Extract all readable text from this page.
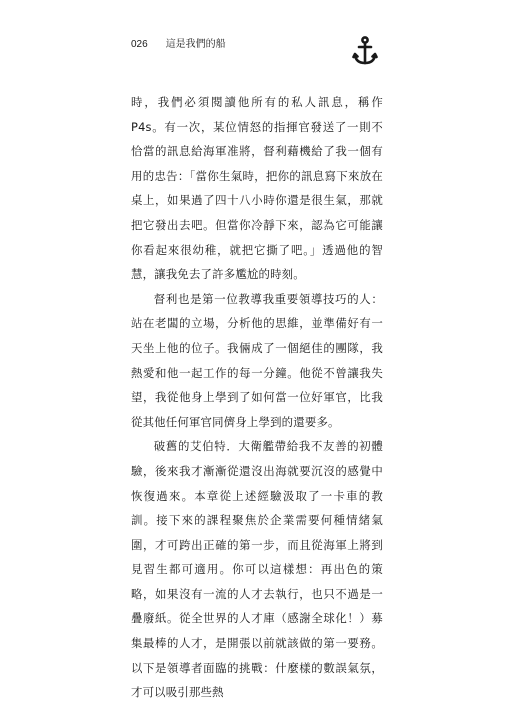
026 這是我們的船

時，我們必須閱讀他所有的私人訊息，稱作P4s。有一次，某位情怒的指揮官發送了一則不恰當的訊息給海軍准將，督利藉機給了我一個有用的忠告：「當你生氣時，把你的訊息寫下來放在桌上，如果過了四十八小時你還是很生氣，那就把它發出去吧。但當你冷靜下來，認為它可能讓你看起來很幼稚，就把它撕了吧。」透過他的智慧，讓我免去了許多尷尬的時刻。

督利也是第一位教導我重要領導技巧的人：站在老闆的立場，分析他的思維，並準備好有一天坐上他的位子。我倆成了一個絕佳的團隊，我熱愛和他一起工作的每一分鐘。他從不曾讓我失望，我從他身上學到了如何當一位好軍官，比我從其他任何軍官同儕身上學到的還要多。

破舊的艾伯特．大衛艦帶給我不友善的初體驗，後來我才漸漸從還沒出海就要沉沒的感覺中恢復過來。本章從上述經驗汲取了一卡車的教訓。接下來的課程聚焦於企業需要何種情緒氣圍，才可跨出正確的第一步，而且從海軍上將到見習生都可適用。你可以這樣想：再出色的策略，如果沒有一流的人才去執行，也只不過是一疊廢紙。從全世界的人才庫（感謝全球化！）募集最棒的人才，是開張以前就該做的第一要務。以下是領導者面臨的挑戰：什麼樣的數誤氣氛，才可以吸引那些熱
